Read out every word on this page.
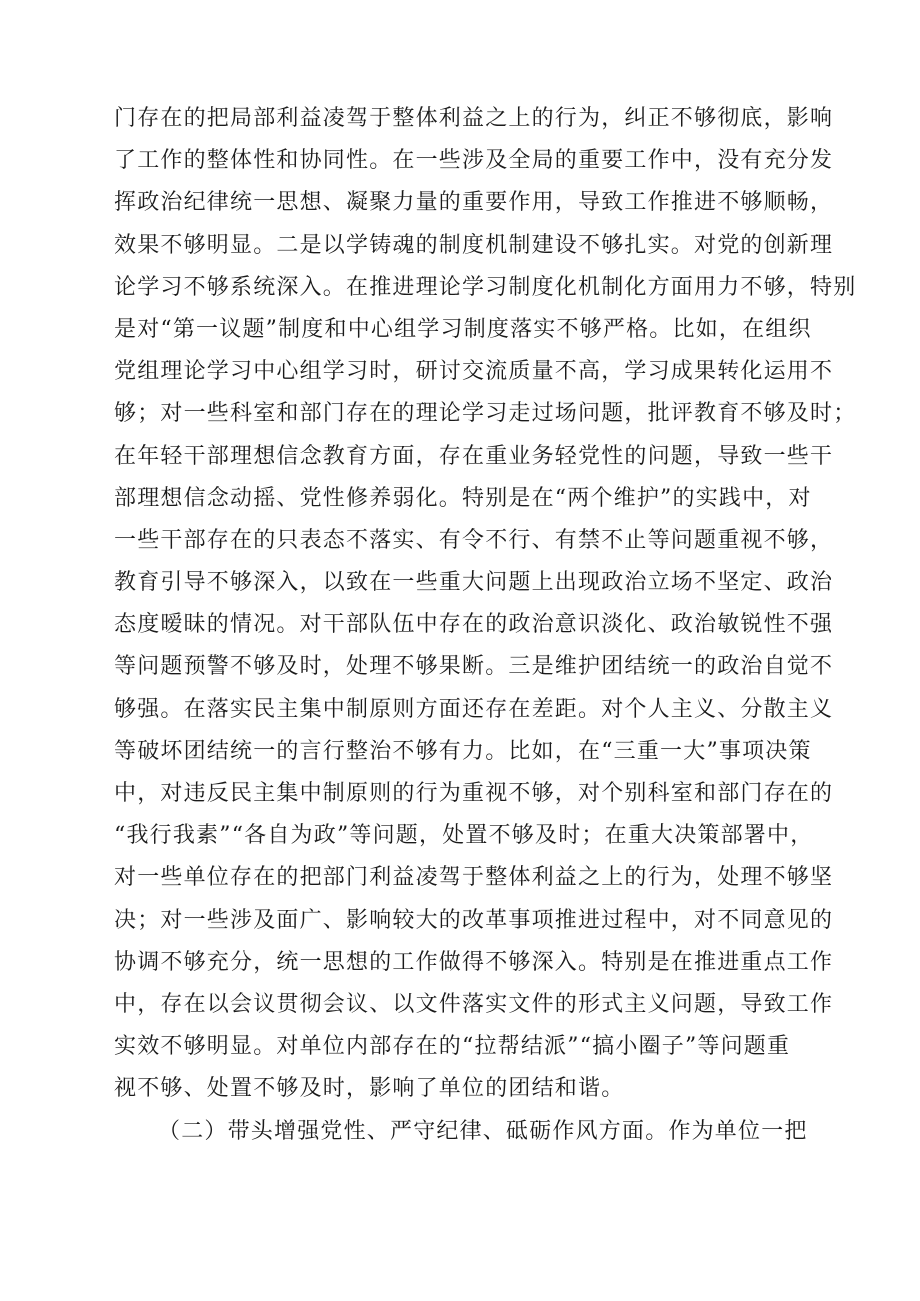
门存在的把局部利益凌驾于整体利益之上的行为，纠正不够彻底，影响
了工作的整体性和协同性。在一些涉及全局的重要工作中，没有充分发
挥政治纪律统一思想、凝聚力量的重要作用，导致工作推进不够顺畅，
效果不够明显。二是以学铸魂的制度机制建设不够扎实。对党的创新理
论学习不够系统深入。在推进理论学习制度化机制化方面用力不够，特别
是对“第一议题”制度和中心组学习制度落实不够严格。比如，在组织
党组理论学习中心组学习时，研讨交流质量不高，学习成果转化运用不
够；对一些科室和部门存在的理论学习走过场问题，批评教育不够及时；
在年轻干部理想信念教育方面，存在重业务轻党性的问题，导致一些干
部理想信念动摇、党性修养弱化。特别是在“两个维护”的实践中，对
一些干部存在的只表态不落实、有令不行、有禁不止等问题重视不够，
教育引导不够深入，以致在一些重大问题上出现政治立场不坚定、政治
态度暧昧的情况。对干部队伍中存在的政治意识淡化、政治敏锐性不强
等问题预警不够及时，处理不够果断。三是维护团结统一的政治自觉不
够强。在落实民主集中制原则方面还存在差距。对个人主义、分散主义
等破坏团结统一的言行整治不够有力。比如，在“三重一大”事项决策
中，对违反民主集中制原则的行为重视不够，对个别科室和部门存在的
“我行我素”“各自为政”等问题，处置不够及时；在重大决策部署中，
对一些单位存在的把部门利益凌驾于整体利益之上的行为，处理不够坚
决；对一些涉及面广、影响较大的改革事项推进过程中，对不同意见的
协调不够充分，统一思想的工作做得不够深入。特别是在推进重点工作
中，存在以会议贯彻会议、以文件落实文件的形式主义问题，导致工作
实效不够明显。对单位内部存在的“拉帮结派”“搞小圈子”等问题重
视不够、处置不够及时，影响了单位的团结和谐。
（二）带头增强党性、严守纪律、砥砺作风方面。作为单位一把
